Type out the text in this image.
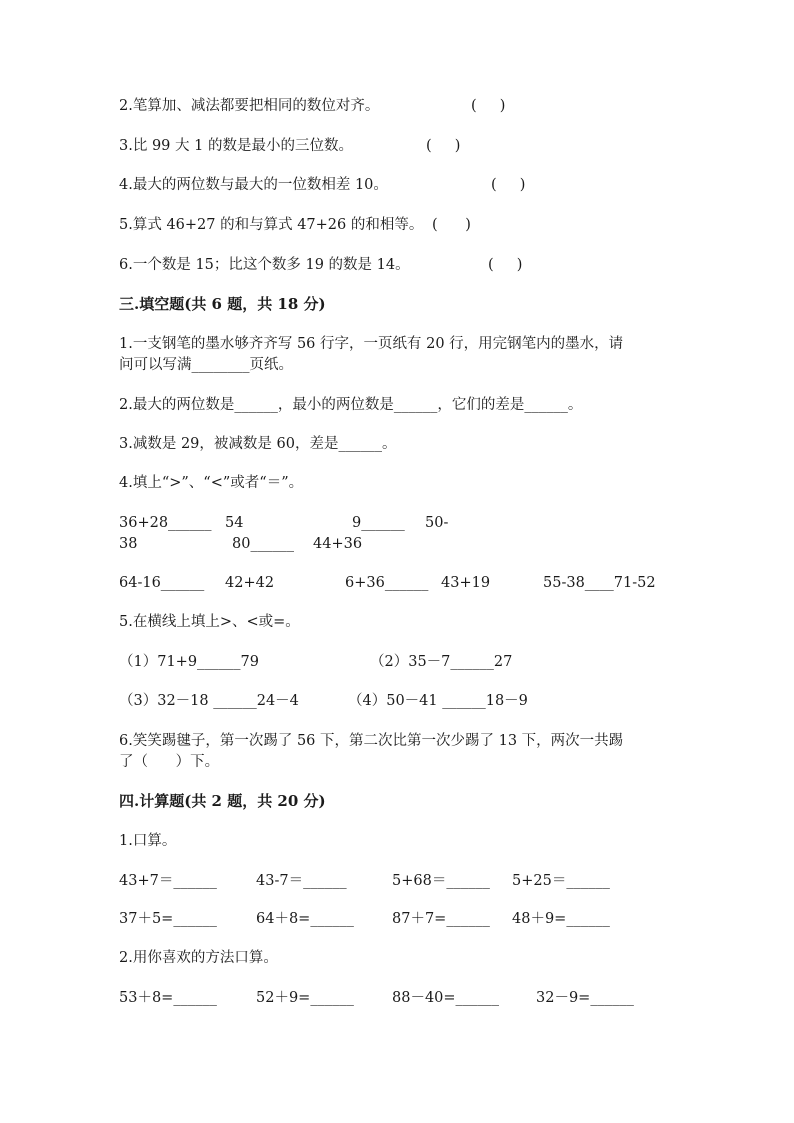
2.笔算加、减法都要把相同的数位对齐。	(     )
3.比 99 大 1 的数是最小的三位数。	(     )
4.最大的两位数与最大的一位数相差 10。	(     )
5.算式 46+27 的和与算式 47+26 的和相等。 (      )
6.一个数是 15；比这个数多 19 的数是 14。	(     )
三.填空题(共 6 题，共 18 分)
1.一支钢笔的墨水够齐齐写 56 行字，一页纸有 20 行，用完钢笔内的墨水，请
问可以写满________页纸。
2.最大的两位数是______，最小的两位数是______，它们的差是______。
3.减数是 29，被减数是 60，差是______。
4.填上“>”、“<”或者“＝”。
36+28______ 54	9______ 50-
38	80______ 44+36
64-16______ 42+42	6+36______ 43+19	55-38____71-52
5.在横线上填上>、<或=。
（1）71+9______79	（2）35－7______27
（3）32－18 ______24－4	（4）50－41 ______18－9
6.笑笑踢毽子，第一次踢了 56 下，第二次比第一次少踢了 13 下，两次一共踢
了（      ）下。
四.计算题(共 2 题，共 20 分)
1.口算。
43+7＝______	43-7＝______	5+68＝______ 5+25＝______
37＋5=______	64＋8=______	87＋7=______ 48＋9=______
2.用你喜欢的方法口算。
53＋8=______	52＋9=______	88－40=______	32－9=______
